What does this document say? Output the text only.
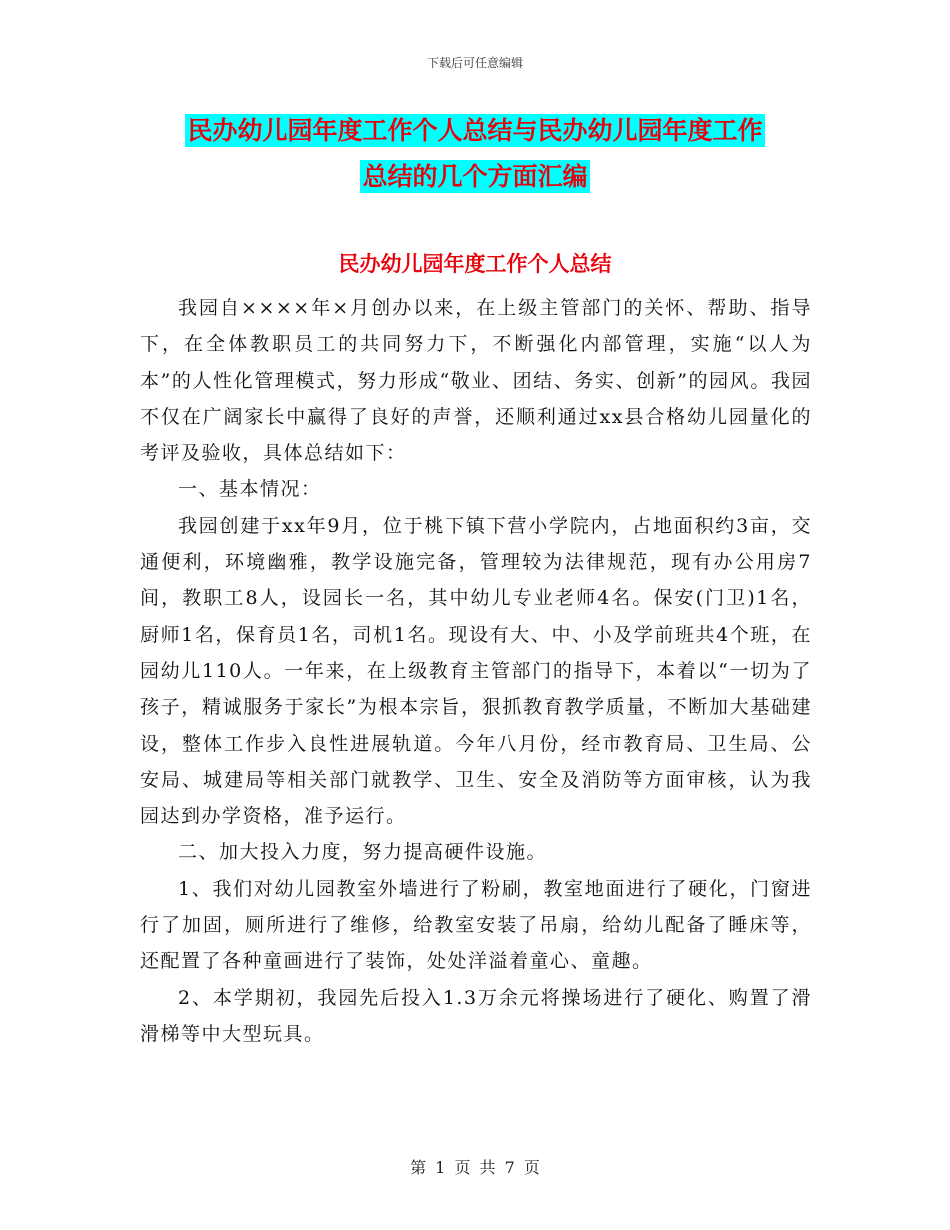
下载后可任意编辑
民办幼儿园年度工作个人总结与民办幼儿园年度工作
总结的几个方面汇编
民办幼儿园年度工作个人总结

我园自××××年×月创办以来，在上级主管部门的关怀、帮助、指导下，在全体教职员工的共同努力下，不断强化内部管理，实施“以人为本”的人性化管理模式，努力形成“敬业、团结、务实、创新”的园风。我园不仅在广阔家长中赢得了良好的声誉，还顺利通过xx县合格幼儿园量化的考评及验收，具体总结如下：

一、基本情况：

我园创建于xx年9月，位于桃下镇下营小学院内，占地面积约3亩，交通便利，环境幽雅，教学设施完备，管理较为法律规范，现有办公用房7间，教职工8人，设园长一名，其中幼儿专业老师4名。保安(门卫)1名，厨师1名，保育员1名，司机1名。现设有大、中、小及学前班共4个班，在园幼儿110人。一年来，在上级教育主管部门的指导下，本着以“一切为了孩子，精诚服务于家长”为根本宗旨，狠抓教育教学质量，不断加大基础建设，整体工作步入良性进展轨道。今年八月份，经市教育局、卫生局、公安局、城建局等相关部门就教学、卫生、安全及消防等方面审核，认为我园达到办学资格，准予运行。

二、加大投入力度，努力提高硬件设施。

1、我们对幼儿园教室外墙进行了粉刷，教室地面进行了硬化，门窗进行了加固，厕所进行了维修，给教室安装了吊扇，给幼儿配备了睡床等，还配置了各种童画进行了装饰，处处洋溢着童心、童趣。

2、本学期初，我园先后投入1.3万余元将操场进行了硬化、购置了滑滑梯等中大型玩具。

第 1 页 共 7 页
